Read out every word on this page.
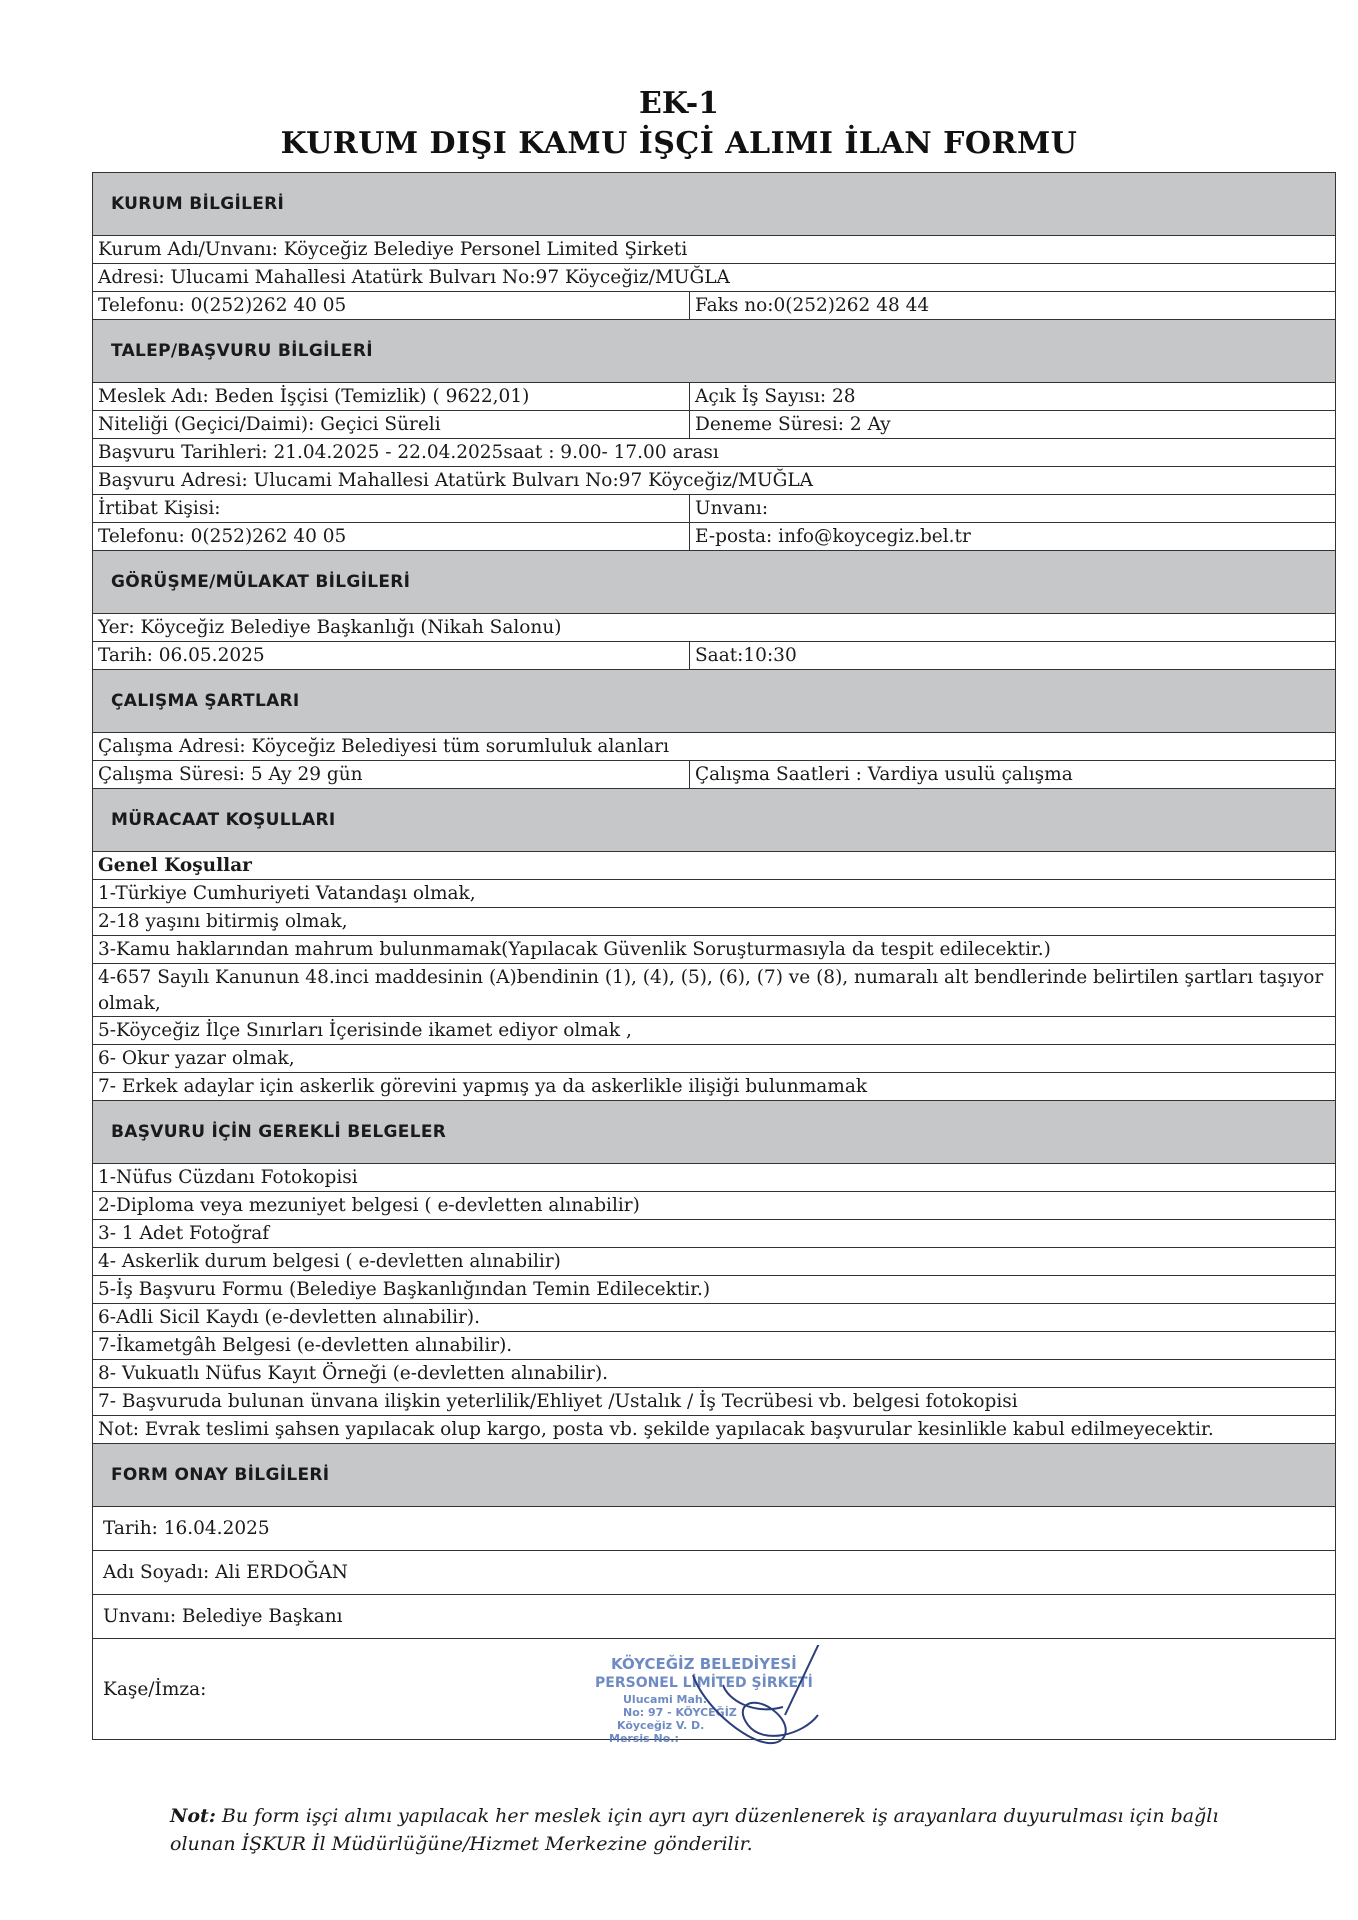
EK-1
KURUM DIŞI KAMU İŞÇİ ALIMI İLAN FORMU
KURUM BİLGİLERİ
Kurum Adı/Unvanı: Köyceğiz Belediye Personel Limited Şirketi
Adresi: Ulucami Mahallesi Atatürk Bulvarı No:97 Köyceğiz/MUĞLA
Telefonu: 0(252)262 40 05	Faks no:0(252)262 48 44
TALEP/BAŞVURU BİLGİLERİ
Meslek Adı: Beden İşçisi (Temizlik) ( 9622,01)	Açık İş Sayısı: 28
Niteliği (Geçici/Daimi): Geçici Süreli	Deneme Süresi: 2 Ay
Başvuru Tarihleri: 21.04.2025 - 22.04.2025saat : 9.00- 17.00 arası
Başvuru Adresi: Ulucami Mahallesi Atatürk Bulvarı No:97 Köyceğiz/MUĞLA
İrtibat Kişisi:	Unvanı:
Telefonu: 0(252)262 40 05	E-posta: info@koycegiz.bel.tr
GÖRÜŞME/MÜLAKAT BİLGİLERİ
Yer: Köyceğiz Belediye Başkanlığı (Nikah Salonu)
Tarih: 06.05.2025	Saat:10:30
ÇALIŞMA ŞARTLARI
Çalışma Adresi: Köyceğiz Belediyesi tüm sorumluluk alanları
Çalışma Süresi: 5 Ay 29 gün	Çalışma Saatleri : Vardiya usulü çalışma
MÜRACAAT KOŞULLARI
Genel Koşullar
1-Türkiye Cumhuriyeti Vatandaşı olmak,
2-18 yaşını bitirmiş olmak,
3-Kamu haklarından mahrum bulunmamak(Yapılacak Güvenlik Soruşturmasıyla da tespit edilecektir.)
4-657 Sayılı Kanunun 48.inci maddesinin (A)bendinin (1), (4), (5), (6), (7) ve (8), numaralı alt bendlerinde belirtilen şartları taşıyor olmak,
5-Köyceğiz İlçe Sınırları İçerisinde ikamet ediyor olmak ,
6- Okur yazar olmak,
7- Erkek adaylar için askerlik görevini yapmış ya da askerlikle ilişiği bulunmamak
BAŞVURU İÇİN GEREKLİ BELGELER
1-Nüfus Cüzdanı Fotokopisi
2-Diploma veya mezuniyet belgesi ( e-devletten alınabilir)
3- 1 Adet Fotoğraf
4- Askerlik durum belgesi ( e-devletten alınabilir)
5-İş Başvuru Formu (Belediye Başkanlığından Temin Edilecektir.)
6-Adli Sicil Kaydı (e-devletten alınabilir).
7-İkametgâh Belgesi (e-devletten alınabilir).
8- Vukuatlı Nüfus Kayıt Örneği (e-devletten alınabilir).
7- Başvuruda bulunan ünvana ilişkin yeterlilik/Ehliyet /Ustalık / İş Tecrübesi vb. belgesi fotokopisi
Not: Evrak teslimi şahsen yapılacak olup kargo, posta vb. şekilde yapılacak başvurular kesinlikle kabul edilmeyecektir.
FORM ONAY BİLGİLERİ
Tarih: 16.04.2025
Adı Soyadı: Ali ERDOĞAN
Unvanı: Belediye Başkanı
Kaşe/İmza:
KÖYCEĞİZ BELEDİYESİ
PERSONEL LİMİTED ŞİRKETİ
Ulucami Mah.
No: 97 - KÖYCEĞİZ
Köyceğiz V. D.
Mersis No.:
Not: Bu form işçi alımı yapılacak her meslek için ayrı ayrı düzenlenerek iş arayanlara duyurulması için bağlı olunan İŞKUR İl Müdürlüğüne/Hizmet Merkezine gönderilir.
